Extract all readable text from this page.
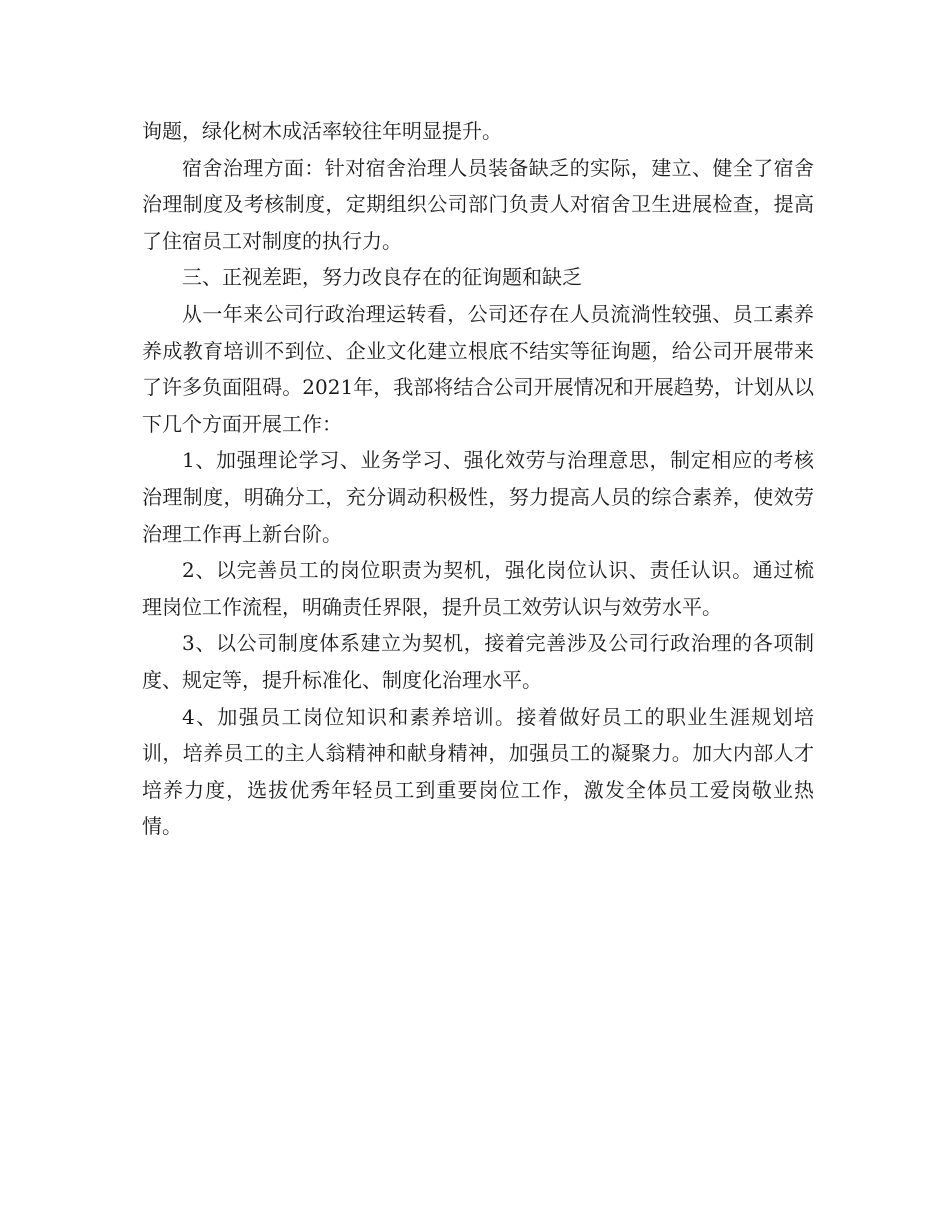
询题，绿化树木成活率较往年明显提升。

宿舍治理方面：针对宿舍治理人员装备缺乏的实际，建立、健全了宿舍治理制度及考核制度，定期组织公司部门负责人对宿舍卫生进展检查，提高了住宿员工对制度的执行力。

三、正视差距，努力改良存在的征询题和缺乏

从一年来公司行政治理运转看，公司还存在人员流淌性较强、员工素养养成教育培训不到位、企业文化建立根底不结实等征询题，给公司开展带来了许多负面阻碍。2021年，我部将结合公司开展情况和开展趋势，计划从以下几个方面开展工作：

1、加强理论学习、业务学习、强化效劳与治理意思，制定相应的考核治理制度，明确分工，充分调动积极性，努力提高人员的综合素养，使效劳治理工作再上新台阶。

2、以完善员工的岗位职责为契机，强化岗位认识、责任认识。通过梳理岗位工作流程，明确责任界限，提升员工效劳认识与效劳水平。

3、以公司制度体系建立为契机，接着完善涉及公司行政治理的各项制度、规定等，提升标准化、制度化治理水平。

4、加强员工岗位知识和素养培训。接着做好员工的职业生涯规划培训，培养员工的主人翁精神和献身精神，加强员工的凝聚力。加大内部人才培养力度，选拔优秀年轻员工到重要岗位工作，激发全体员工爱岗敬业热情。
